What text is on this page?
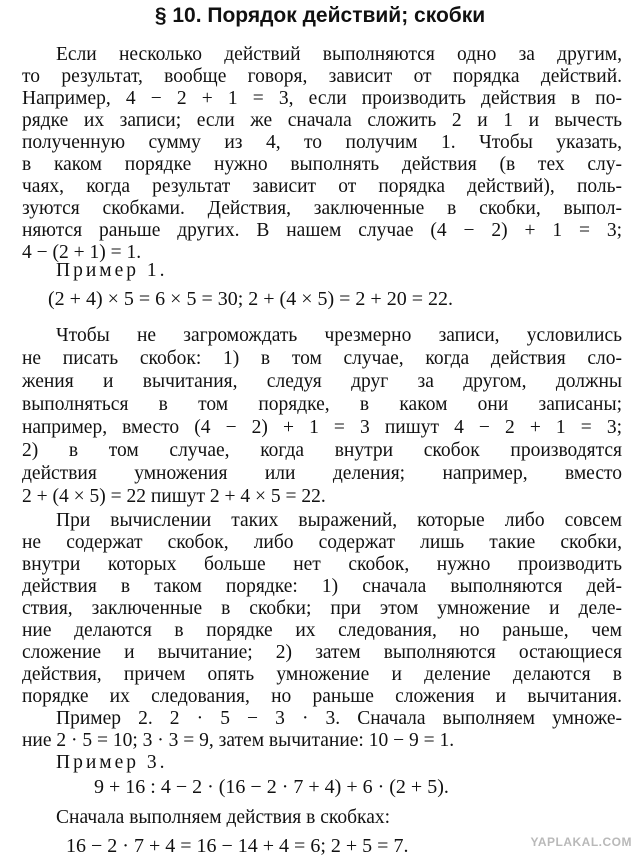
§ 10. Порядок действий; скобки
Если несколько действий выполняются одно за другим,
то результат, вообще говоря, зависит от порядка действий.
Например, 4 − 2 + 1 = 3, если производить действия в по-
рядке их записи; если же сначала сложить 2 и 1 и вычесть
полученную сумму из 4, то получим 1. Чтобы указать,
в каком порядке нужно выполнять действия (в тех слу-
чаях, когда результат зависит от порядка действий), поль-
зуются скобками. Действия, заключенные в скобки, выпол-
няются раньше других. В нашем случае (4 − 2) + 1 = 3;
4 − (2 + 1) = 1.
Пример 1.
(2 + 4) × 5 = 6 × 5 = 30; 2 + (4 × 5) = 2 + 20 = 22.
Чтобы не загромождать чрезмерно записи, условились
не писать скобок: 1) в том случае, когда действия сло-
жения и вычитания, следуя друг за другом, должны
выполняться в том порядке, в каком они записаны;
например, вместо (4 − 2) + 1 = 3 пишут 4 − 2 + 1 = 3;
2) в том случае, когда внутри скобок производятся
действия умножения или деления; например, вместо
2 + (4 × 5) = 22 пишут 2 + 4 × 5 = 22.
При вычислении таких выражений, которые либо совсем
не содержат скобок, либо содержат лишь такие скобки,
внутри которых больше нет скобок, нужно производить
действия в таком порядке: 1) сначала выполняются дей-
ствия, заключенные в скобки; при этом умножение и деле-
ние делаются в порядке их следования, но раньше, чем
сложение и вычитание; 2) затем выполняются остающиеся
действия, причем опять умножение и деление делаются в
порядке их следования, но раньше сложения и вычитания.
Пример 2. 2 · 5 − 3 · 3. Сначала выполняем умноже-
ние 2 · 5 = 10; 3 · 3 = 9, затем вычитание: 10 − 9 = 1.
Пример 3.
9 + 16 : 4 − 2 · (16 − 2 · 7 + 4) + 6 · (2 + 5).
Сначала выполняем действия в скобках:
16 − 2 · 7 + 4 = 16 − 14 + 4 = 6; 2 + 5 = 7.	YAPLAKAL.COM
